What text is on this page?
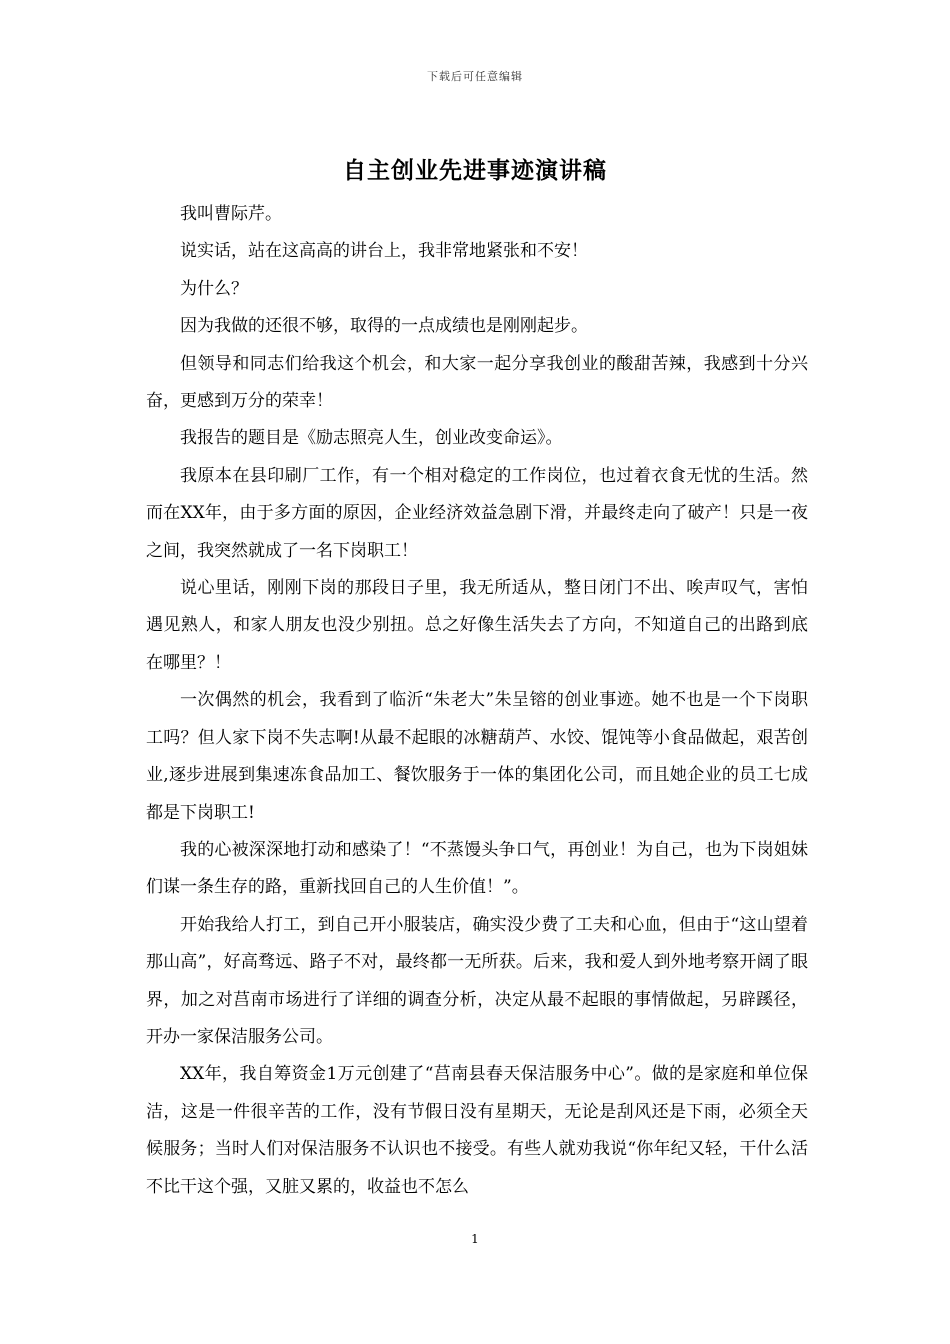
下载后可任意编辑
自主创业先进事迹演讲稿

我叫曹际芹。

说实话，站在这高高的讲台上，我非常地紧张和不安！

为什么？

因为我做的还很不够，取得的一点成绩也是刚刚起步。

但领导和同志们给我这个机会，和大家一起分享我创业的酸甜苦辣，我感到十分兴奋，更感到万分的荣幸！

我报告的题目是《励志照亮人生，创业改变命运》。

我原本在县印刷厂工作，有一个相对稳定的工作岗位，也过着衣食无忧的生活。然而在XX年，由于多方面的原因，企业经济效益急剧下滑，并最终走向了破产！只是一夜之间，我突然就成了一名下岗职工！

说心里话，刚刚下岗的那段日子里，我无所适从，整日闭门不出、唉声叹气，害怕遇见熟人，和家人朋友也没少别扭。总之好像生活失去了方向，不知道自己的出路到底在哪里？！

一次偶然的机会，我看到了临沂“朱老大”朱呈镕的创业事迹。她不也是一个下岗职工吗？但人家下岗不失志啊!从最不起眼的冰糖葫芦、水饺、馄饨等小食品做起，艰苦创业,逐步进展到集速冻食品加工、餐饮服务于一体的集团化公司，而且她企业的员工七成都是下岗职工!

我的心被深深地打动和感染了！“不蒸馒头争口气，再创业！为自己，也为下岗姐妹们谋一条生存的路，重新找回自己的人生价值！”。

开始我给人打工，到自己开小服装店，确实没少费了工夫和心血，但由于“这山望着那山高”，好高骛远、路子不对，最终都一无所获。后来，我和爱人到外地考察开阔了眼界，加之对莒南市场进行了详细的调查分析，决定从最不起眼的事情做起，另辟蹊径，开办一家保洁服务公司。

XX年，我自筹资金1万元创建了“莒南县春天保洁服务中心”。做的是家庭和单位保洁，这是一件很辛苦的工作，没有节假日没有星期天，无论是刮风还是下雨，必须全天候服务；当时人们对保洁服务不认识也不接受。有些人就劝我说“你年纪又轻，干什么活不比干这个强，又脏又累的，收益也不怎么

1
